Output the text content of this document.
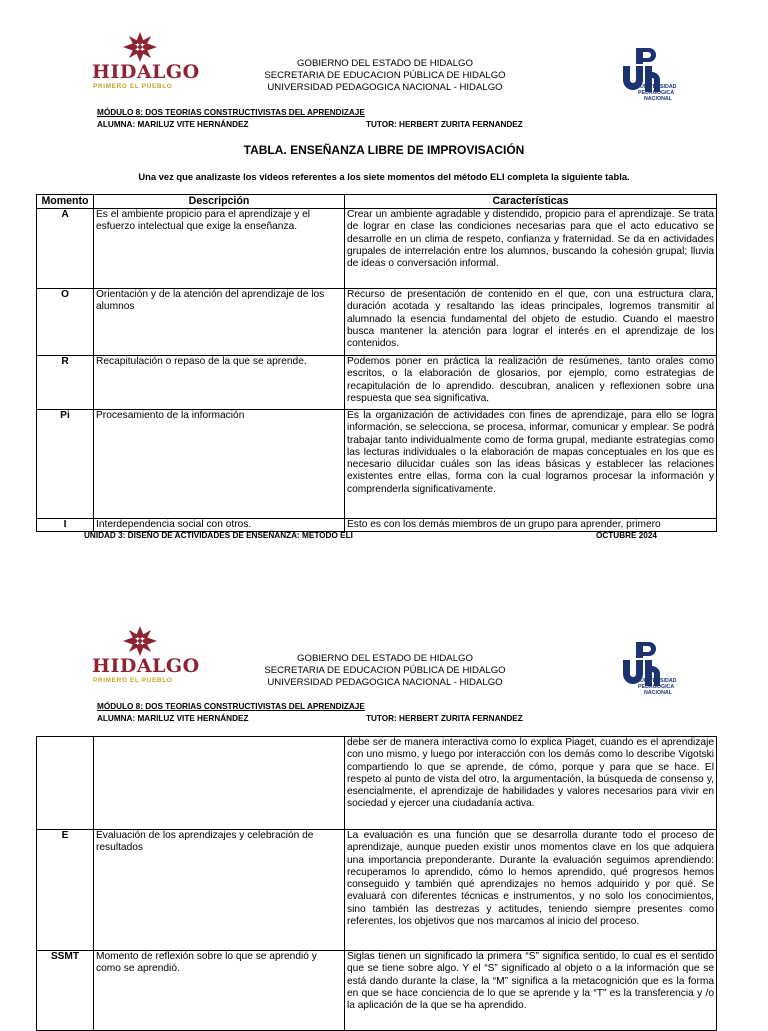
HIDALGO
PRIMERO EL PUEBLO
GOBIERNO DEL ESTADO DE HIDALGO
SECRETARIA DE EDUCACION PÚBLICA DE HIDALGO
UNIVERSIDAD PEDAGOGICA NACIONAL - HIDALGO	UNIVERSIDAD
PEDAGÓGICA
NACIONAL
MÓDULO 8: DOS TEORIAS CONSTRUCTIVISTAS DEL APRENDIZAJE
ALUMNA: MARILUZ VITE HERNÁNDEZ	TUTOR: HERBERT ZURITA FERNANDEZ
TABLA. ENSEÑANZA LIBRE DE IMPROVISACIÓN
Una vez que analizaste los videos referentes a los siete momentos del método ELI completa la siguiente tabla.
Momento	Descripción	Características
A	Es el ambiente propicio para el aprendizaje y el esfuerzo intelectual que exige la enseñanza.	Crear un ambiente agradable y distendido, propicio para el aprendizaje. Se trata de lograr en clase las condiciones necesarias para que el acto educativo se desarrolle en un clima de respeto, confianza y fraternidad. Se da en actividades grupales de interrelación entre los alumnos, buscando la cohesión grupal; lluvia de ideas o conversación informal.
O	Orientación y de la atención del aprendizaje de los alumnos	Recurso de presentación de contenido en el que, con una estructura clara, duración acotada y resaltando las ideas principales, logremos transmitir al alumnado la esencia fundamental del objeto de estudio. Cuando el maestro busca mantener la atención para lograr el interés en el aprendizaje de los contenidos.
R	Recapitulación o repaso de la que se aprende.	Podemos poner en práctica la realización de resúmenes, tanto orales como escritos, o la elaboración de glosarios, por ejemplo, como estrategias de recapitulación de lo aprendido. descubran, analicen y reflexionen sobre una respuesta que sea significativa.
Pi	Procesamiento de la información	Es la organización de actividades con fines de aprendizaje, para ello se logra información, se selecciona, se procesa, informar, comunicar y emplear. Se podrá trabajar tanto individualmente como de forma grupal, mediante estrategias como las lecturas individuales o la elaboración de mapas conceptuales en los que es necesario dilucidar cuáles son las ideas básicas y establecer las relaciones existentes entre ellas, forma con la cual logramos procesar la información y comprenderla significativamente.
I	Interdependencia social con otros.	Esto es con los demás miembros de un grupo para aprender, primero
UNIDAD 3: DISEÑO DE ACTIVIDADES DE ENSEÑANZA: METODO ELI	OCTUBRE 2024
HIDALGO
PRIMERO EL PUEBLO
GOBIERNO DEL ESTADO DE HIDALGO
SECRETARIA DE EDUCACION PÚBLICA DE HIDALGO
UNIVERSIDAD PEDAGOGICA NACIONAL - HIDALGO	UNIVERSIDAD
PEDAGÓGICA
NACIONAL
MÓDULO 8: DOS TEORIAS CONSTRUCTIVISTAS DEL APRENDIZAJE
ALUMNA: MARILUZ VITE HERNÁNDEZ	TUTOR: HERBERT ZURITA FERNANDEZ
		debe ser de manera interactiva como lo explica Piaget, cuando es el aprendizaje con uno mismo, y luego por interacción con los demás como lo describe Vigotski compartiendo lo que se aprende, de cómo, porque y para que se hace. El respeto al punto de vista del otro, la argumentación, la búsqueda de consenso y, esencialmente, el aprendizaje de habilidades y valores necesarios para vivir en sociedad y ejercer una ciudadanía activa.
E	Evaluación de los aprendizajes y celebración de resultados	La evaluación es una función que se desarrolla durante todo el proceso de aprendizaje, aunque pueden existir unos momentos clave en los que adquiera una importancia preponderante. Durante la evaluación seguimos aprendiendo: recuperamos lo aprendido, cómo lo hemos aprendido, qué progresos hemos conseguido y también qué aprendizajes no hemos adquirido y por qué. Se evaluará con diferentes técnicas e instrumentos, y no solo los conocimientos, sino también las destrezas y actitudes, teniendo siempre presentes como referentes, los objetivos que nos marcamos al inicio del proceso.
SSMT	Momento de reflexión sobre lo que se aprendió y como se aprendió.	Siglas tienen un significado la primera “S” significa sentido, lo cual es el sentido que se tiene sobre algo. Y el “S” significado al objeto o a la información que se está dando durante la clase, la “M” significa a la metacognición que es la forma en que se hace conciencia de lo que se aprende y la “T” es la transferencia y /o la aplicación de la que se ha aprendido.
